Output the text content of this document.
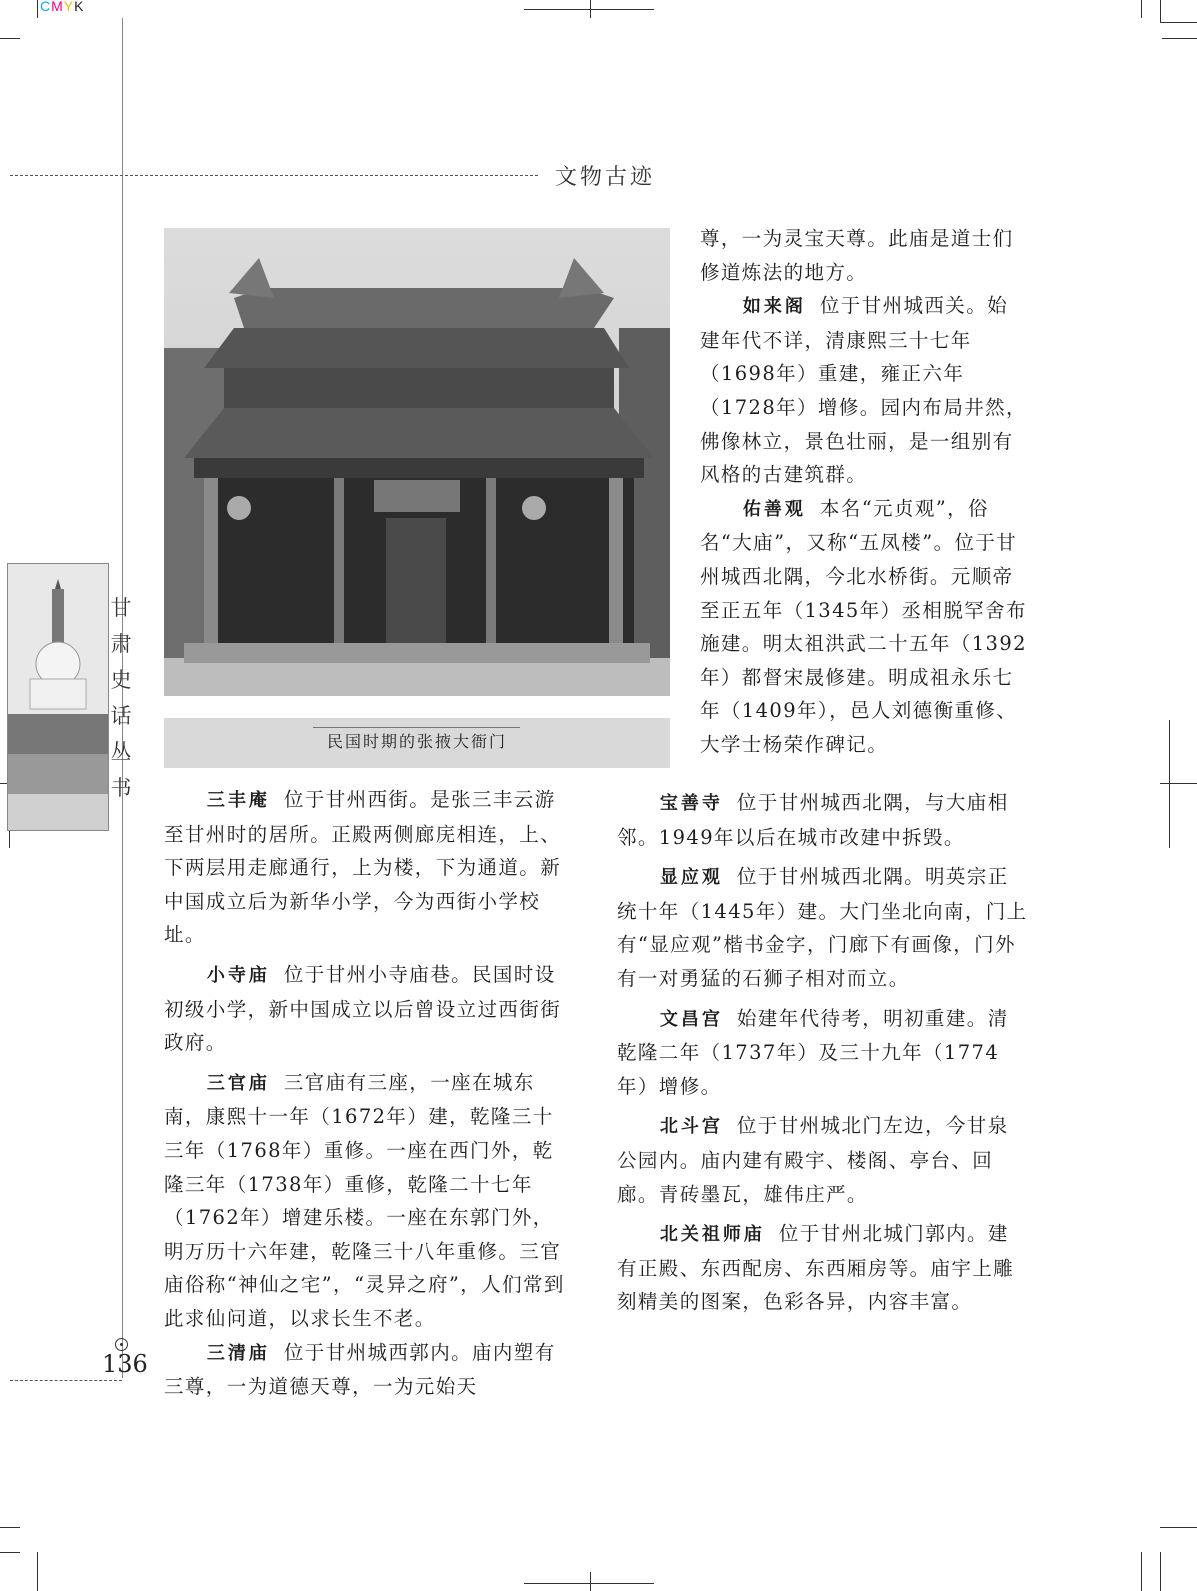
CMYK
文物古迹
民国时期的张掖大衙门
甘
肃
史
话
丛
书

尊，一为灵宝天尊。此庙是道士们修道炼法的地方。

如来阁 位于甘州城西关。始建年代不详，清康熙三十七年（1698年）重建，雍正六年（1728年）增修。园内布局井然，佛像林立，景色壮丽，是一组别有风格的古建筑群。

佑善观 本名“元贞观”，俗名“大庙”，又称“五凤楼”。位于甘州城西北隅，今北水桥街。元顺帝至正五年（1345年）丞相脱罕舍布施建。明太祖洪武二十五年（1392年）都督宋晟修建。明成祖永乐七年（1409年），邑人刘德衡重修、大学士杨荣作碑记。

宝善寺 位于甘州城西北隅，与大庙相邻。1949年以后在城市改建中拆毁。

显应观 位于甘州城西北隅。明英宗正统十年（1445年）建。大门坐北向南，门上有“显应观”楷书金字，门廊下有画像，门外有一对勇猛的石狮子相对而立。

文昌宫 始建年代待考，明初重建。清乾隆二年（1737年）及三十九年（1774年）增修。

北斗宫 位于甘州城北门左边，今甘泉公园内。庙内建有殿宇、楼阁、亭台、回廊。青砖墨瓦，雄伟庄严。

北关祖师庙 位于甘州北城门郭内。建有正殿、东西配房、东西厢房等。庙宇上雕刻精美的图案，色彩各异，内容丰富。

三丰庵 位于甘州西街。是张三丰云游至甘州时的居所。正殿两侧廊庑相连，上、下两层用走廊通行，上为楼，下为通道。新中国成立后为新华小学，今为西街小学校址。

小寺庙 位于甘州小寺庙巷。民国时设初级小学，新中国成立以后曾设立过西街街政府。

三官庙 三官庙有三座，一座在城东南，康熙十一年（1672年）建，乾隆三十三年（1768年）重修。一座在西门外，乾隆三年（1738年）重修，乾隆二十七年（1762年）增建乐楼。一座在东郭门外，明万历十六年建，乾隆三十八年重修。三官庙俗称“神仙之宅”，“灵异之府”，人们常到此求仙问道，以求长生不老。

三清庙 位于甘州城西郭内。庙内塑有三尊，一为道德天尊，一为元始天

136
